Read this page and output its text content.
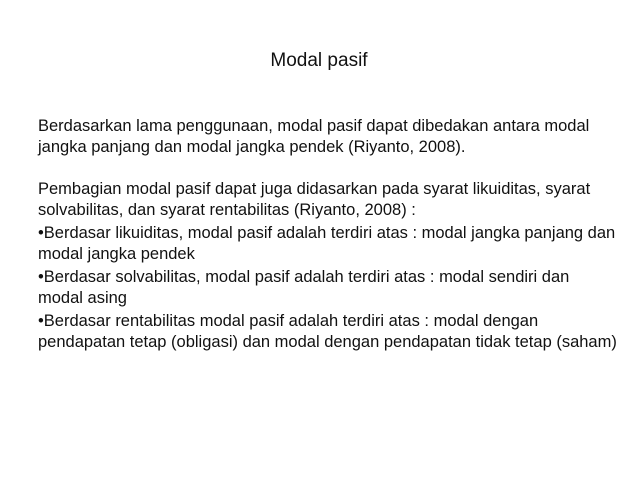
Modal pasif

Berdasarkan lama penggunaan, modal pasif dapat dibedakan antara modal jangka panjang dan modal jangka pendek (Riyanto, 2008).

Pembagian modal pasif dapat juga didasarkan pada syarat likuiditas, syarat solvabilitas, dan syarat rentabilitas (Riyanto, 2008) :

•Berdasar likuiditas, modal pasif adalah terdiri atas : modal jangka panjang dan modal jangka pendek

•Berdasar solvabilitas, modal pasif adalah terdiri atas : modal sendiri dan modal asing

•Berdasar rentabilitas modal pasif adalah terdiri atas : modal dengan pendapatan tetap (obligasi) dan modal dengan pendapatan tidak tetap (saham)
